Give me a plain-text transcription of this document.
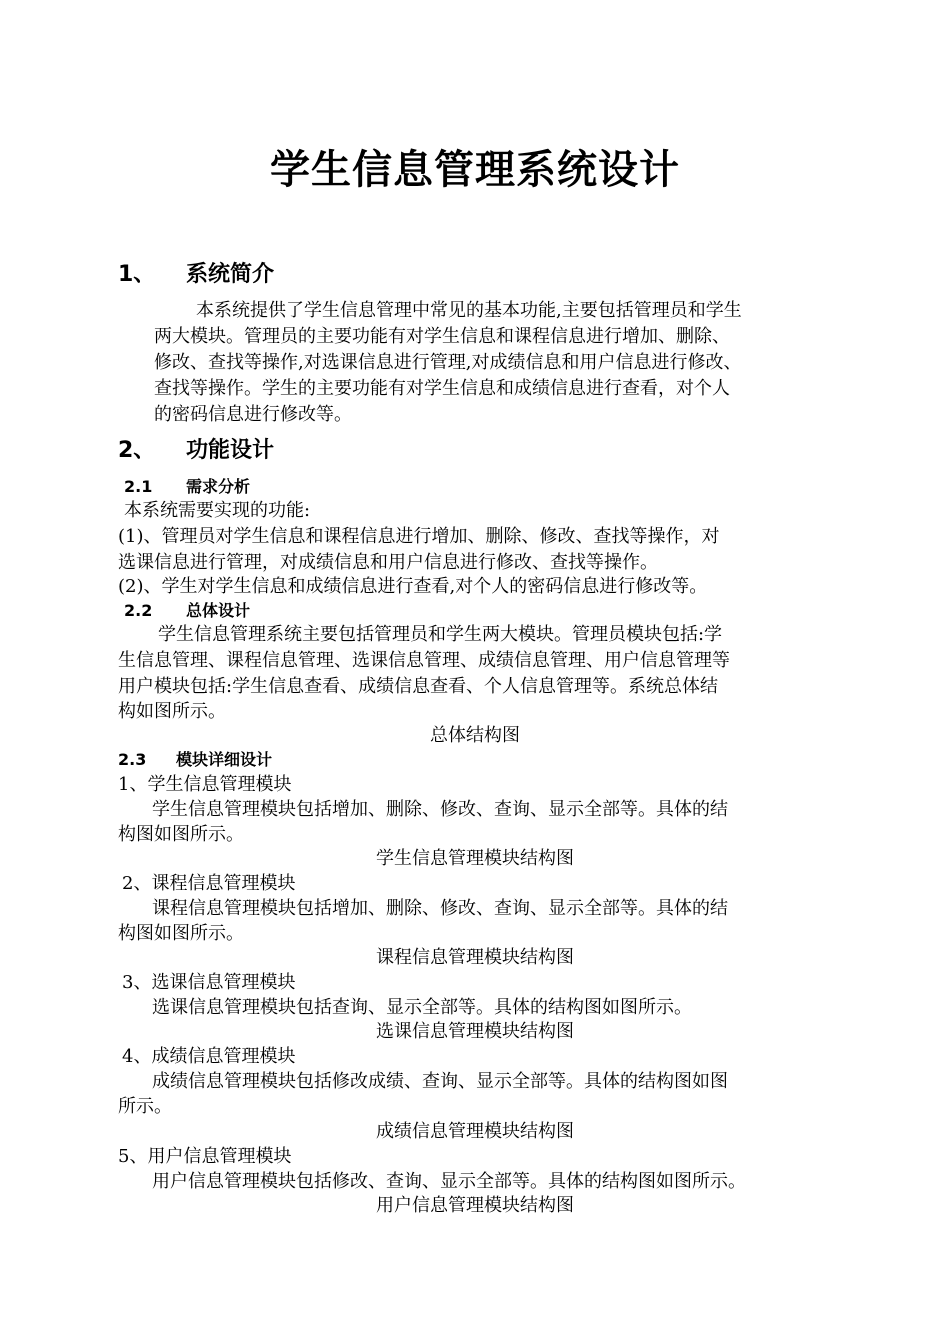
学生信息管理系统设计
1、 系统简介
本系统提供了学生信息管理中常见的基本功能,主要包括管理员和学生
两大模块。管理员的主要功能有对学生信息和课程信息进行增加、删除、
修改、查找等操作,对选课信息进行管理,对成绩信息和用户信息进行修改、
查找等操作。学生的主要功能有对学生信息和成绩信息进行查看，对个人
的密码信息进行修改等。
2、 功能设计
2.1 需求分析
本系统需要实现的功能:
(1)、管理员对学生信息和课程信息进行增加、删除、修改、查找等操作，对
选课信息进行管理，对成绩信息和用户信息进行修改、查找等操作。
(2)、学生对学生信息和成绩信息进行查看,对个人的密码信息进行修改等。
2.2 总体设计
学生信息管理系统主要包括管理员和学生两大模块。管理员模块包括:学
生信息管理、课程信息管理、选课信息管理、成绩信息管理、用户信息管理等
用户模块包括:学生信息查看、成绩信息查看、个人信息管理等。系统总体结
构如图所示。
总体结构图
2.3 模块详细设计
1、学生信息管理模块
学生信息管理模块包括增加、删除、修改、查询、显示全部等。具体的结
构图如图所示。
学生信息管理模块结构图
2、课程信息管理模块
课程信息管理模块包括增加、删除、修改、查询、显示全部等。具体的结
构图如图所示。
课程信息管理模块结构图
3、选课信息管理模块
选课信息管理模块包括查询、显示全部等。具体的结构图如图所示。
选课信息管理模块结构图
4、成绩信息管理模块
成绩信息管理模块包括修改成绩、查询、显示全部等。具体的结构图如图
所示。
成绩信息管理模块结构图
5、用户信息管理模块
用户信息管理模块包括修改、查询、显示全部等。具体的结构图如图所示。
用户信息管理模块结构图
